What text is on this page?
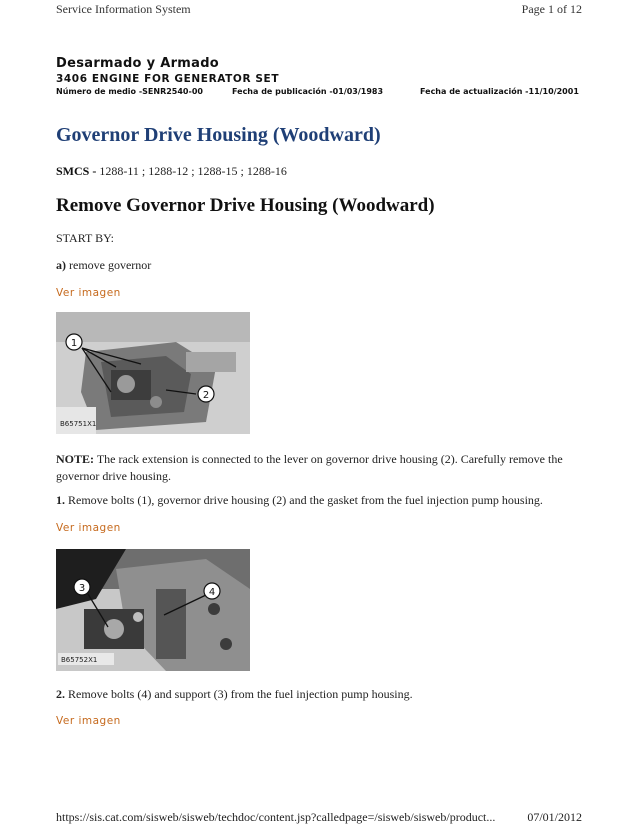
Service Information System	Page 1 of 12
Desarmado y Armado
3406 ENGINE FOR GENERATOR SET
Número de medio -SENR2540-00	Fecha de publicación -01/03/1983	Fecha de actualización -11/10/2001
Governor Drive Housing (Woodward)
SMCS - 1288-11 ; 1288-12 ; 1288-15 ; 1288-16
Remove Governor Drive Housing (Woodward)
START BY:
a) remove governor
Ver imagen
1
2
B65751X1
NOTE: The rack extension is connected to the lever on governor drive housing (2). Carefully remove the governor drive housing.
1. Remove bolts (1), governor drive housing (2) and the gasket from the fuel injection pump housing.
Ver imagen
3	4
B65752X1
2. Remove bolts (4) and support (3) from the fuel injection pump housing.
Ver imagen
https://sis.cat.com/sisweb/sisweb/techdoc/content.jsp?calledpage=/sisweb/sisweb/product...	07/01/2012
